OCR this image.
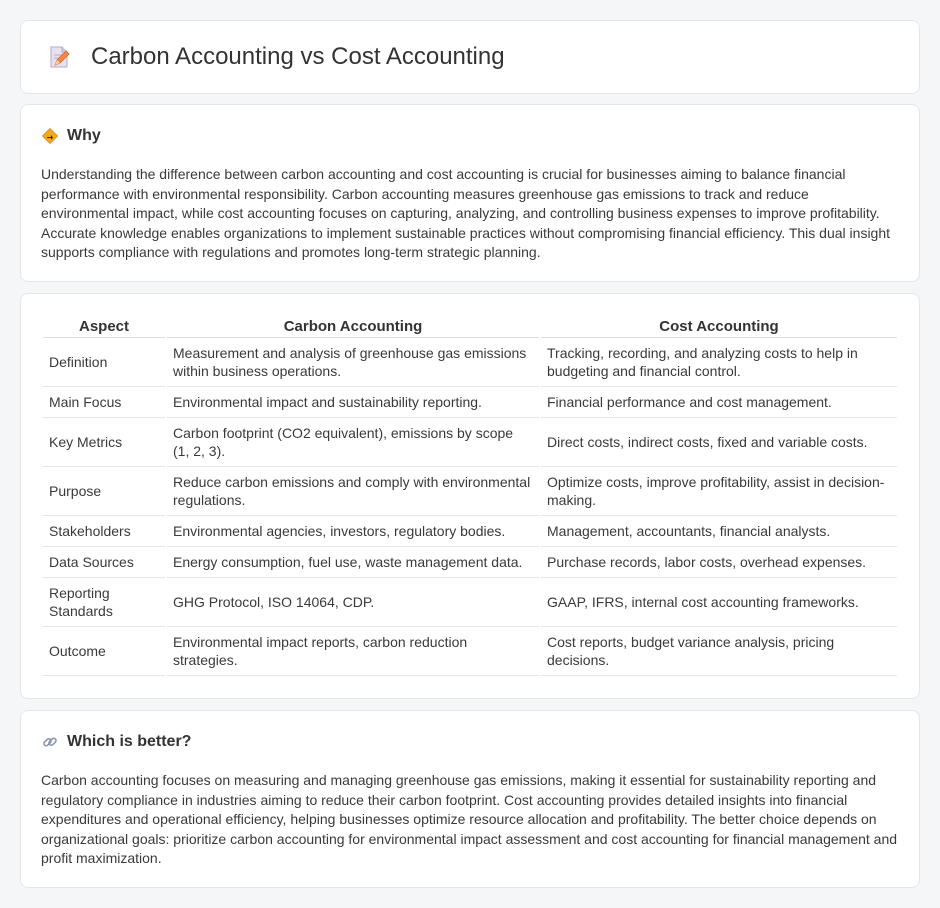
Carbon Accounting vs Cost Accounting
Why

Understanding the difference between carbon accounting and cost accounting is crucial for businesses aiming to balance financial performance with environmental responsibility. Carbon accounting measures greenhouse gas emissions to track and reduce environmental impact, while cost accounting focuses on capturing, analyzing, and controlling business expenses to improve profitability. Accurate knowledge enables organizations to implement sustainable practices without compromising financial efficiency. This dual insight supports compliance with regulations and promotes long-term strategic planning.

Aspect	Carbon Accounting	Cost Accounting
Definition	Measurement and analysis of greenhouse gas emissions within business operations.	Tracking, recording, and analyzing costs to help in budgeting and financial control.
Main Focus	Environmental impact and sustainability reporting.	Financial performance and cost management.
Key Metrics	Carbon footprint (CO2 equivalent), emissions by scope (1, 2, 3).	Direct costs, indirect costs, fixed and variable costs.
Purpose	Reduce carbon emissions and comply with environmental regulations.	Optimize costs, improve profitability, assist in decision-making.
Stakeholders	Environmental agencies, investors, regulatory bodies.	Management, accountants, financial analysts.
Data Sources	Energy consumption, fuel use, waste management data.	Purchase records, labor costs, overhead expenses.
Reporting Standards	GHG Protocol, ISO 14064, CDP.	GAAP, IFRS, internal cost accounting frameworks.
Outcome	Environmental impact reports, carbon reduction strategies.	Cost reports, budget variance analysis, pricing decisions.
Which is better?

Carbon accounting focuses on measuring and managing greenhouse gas emissions, making it essential for sustainability reporting and regulatory compliance in industries aiming to reduce their carbon footprint. Cost accounting provides detailed insights into financial expenditures and operational efficiency, helping businesses optimize resource allocation and profitability. The better choice depends on organizational goals: prioritize carbon accounting for environmental impact assessment and cost accounting for financial management and profit maximization.
